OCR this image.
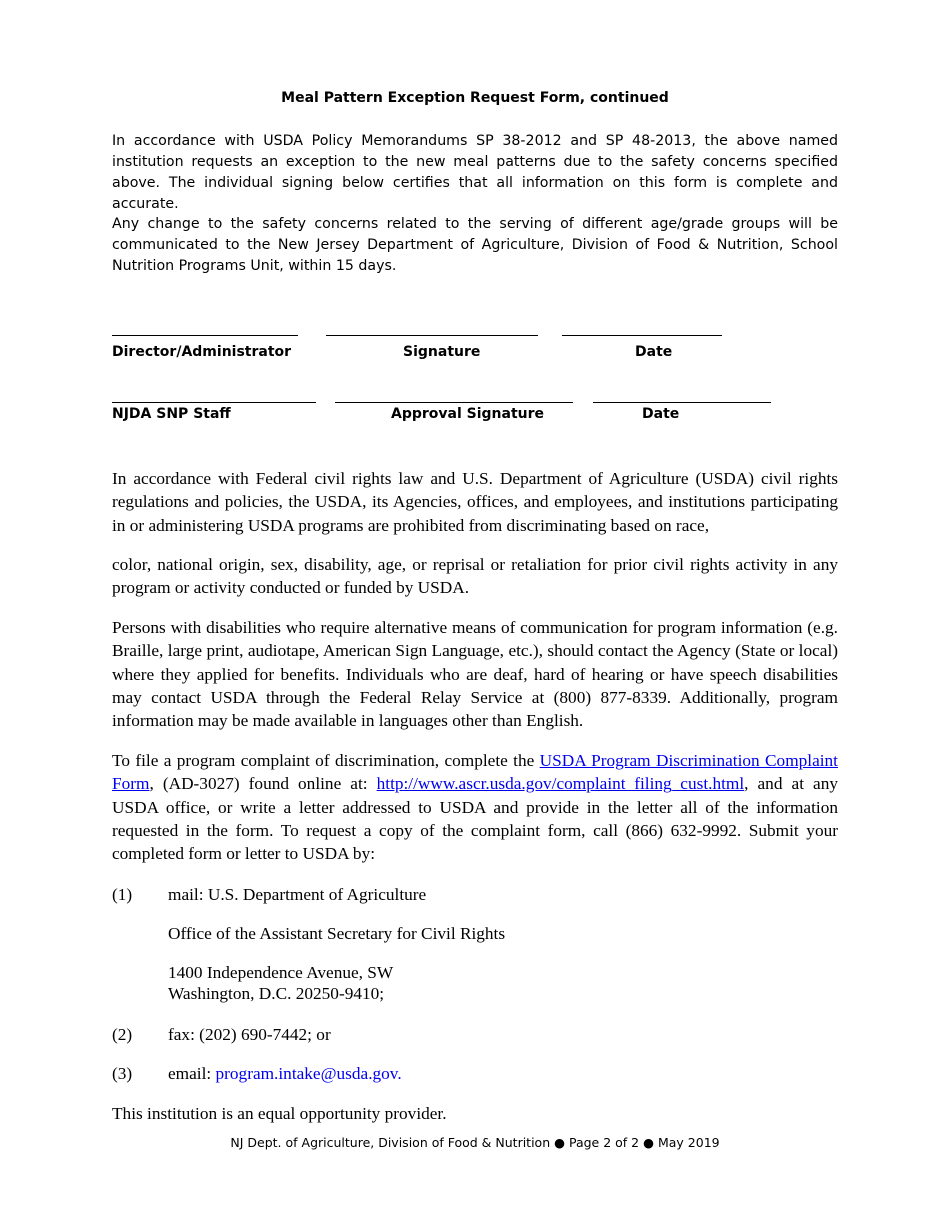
Meal Pattern Exception Request Form, continued

In accordance with USDA Policy Memorandums SP 38-2012 and SP 48-2013, the above named institution requests an exception to the new meal patterns due to the safety concerns specified above. The individual signing below certifies that all information on this form is complete and accurate.

Any change to the safety concerns related to the serving of different age/grade groups will be communicated to the New Jersey Department of Agriculture, Division of Food & Nutrition, School Nutrition Programs Unit, within 15 days.

Director/Administrator	Signature	Date

NJDA SNP Staff	Approval Signature	Date

In accordance with Federal civil rights law and U.S. Department of Agriculture (USDA) civil rights regulations and policies, the USDA, its Agencies, offices, and employees, and institutions participating in or administering USDA programs are prohibited from discriminating based on race,

color, national origin, sex, disability, age, or reprisal or retaliation for prior civil rights activity in any program or activity conducted or funded by USDA.

Persons with disabilities who require alternative means of communication for program information (e.g. Braille, large print, audiotape, American Sign Language, etc.), should contact the Agency (State or local) where they applied for benefits. Individuals who are deaf, hard of hearing or have speech disabilities may contact USDA through the Federal Relay Service at (800) 877-8339. Additionally, program information may be made available in languages other than English.

To file a program complaint of discrimination, complete the USDA Program Discrimination Complaint Form, (AD-3027) found online at: http://www.ascr.usda.gov/complaint_filing_cust.html, and at any USDA office, or write a letter addressed to USDA and provide in the letter all of the information requested in the form. To request a copy of the complaint form, call (866) 632-9992. Submit your completed form or letter to USDA by:

(1) mail: U.S. Department of Agriculture

Office of the Assistant Secretary for Civil Rights

1400 Independence Avenue, SW

Washington, D.C. 20250-9410;

(2) fax: (202) 690-7442; or

(3) email: program.intake@usda.gov.

This institution is an equal opportunity provider.

NJ Dept. of Agriculture, Division of Food & Nutrition ● Page 2 of 2 ● May 2019
